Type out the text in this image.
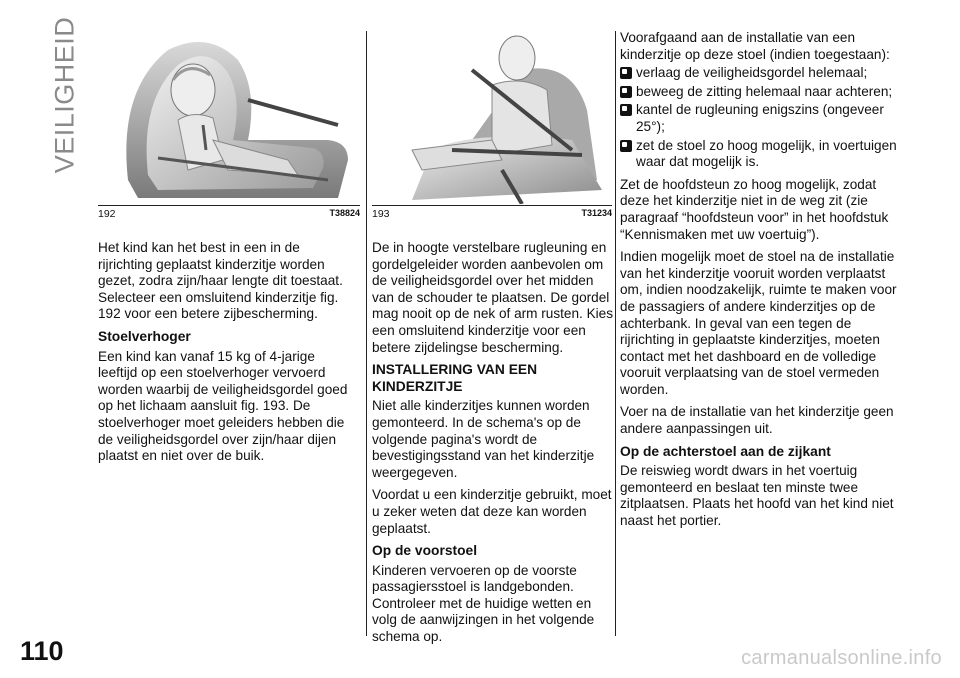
VEILIGHEID
110	carmanualsonline.info
192	T38824 193	T31234

Het kind kan het best in een in de rijrichting geplaatst kinderzitje worden gezet, zodra zijn/haar lengte dit toestaat. Selecteer een omsluitend kinderzitje fig. 192 voor een betere zijbescherming.

Stoelverhoger

Een kind kan vanaf 15 kg of 4-jarige leeftijd op een stoelverhoger vervoerd worden waarbij de veiligheidsgordel goed op het lichaam aansluit fig. 193. De stoelverhoger moet geleiders hebben die de veiligheidsgordel over zijn/haar dijen plaatst en niet over de buik.

De in hoogte verstelbare rugleuning en gordelgeleider worden aanbevolen om de veiligheidsgordel over het midden van de schouder te plaatsen. De gordel mag nooit op de nek of arm rusten. Kies een omsluitend kinderzitje voor een betere zijdelingse bescherming.

INSTALLERING VAN EEN KINDERZITJE

Niet alle kinderzitjes kunnen worden gemonteerd. In de schema's op de volgende pagina's wordt de bevestigingsstand van het kinderzitje weergegeven.

Voordat u een kinderzitje gebruikt, moet u zeker weten dat deze kan worden geplaatst.

Op de voorstoel

Kinderen vervoeren op de voorste passagiersstoel is landgebonden. Controleer met de huidige wetten en volg de aanwijzingen in het volgende schema op.

Voorafgaand aan de installatie van een kinderzitje op deze stoel (indien toegestaan):

verlaag de veiligheidsgordel helemaal;
beweeg de zitting helemaal naar achteren;
kantel de rugleuning enigszins (ongeveer 25°);
zet de stoel zo hoog mogelijk, in voertuigen waar dat mogelijk is.

Zet de hoofdsteun zo hoog mogelijk, zodat deze het kinderzitje niet in de weg zit (zie paragraaf “hoofdsteun voor” in het hoofdstuk “Kennismaken met uw voertuig”).

Indien mogelijk moet de stoel na de installatie van het kinderzitje vooruit worden verplaatst om, indien noodzakelijk, ruimte te maken voor de passagiers of andere kinderzitjes op de achterbank. In geval van een tegen de rijrichting in geplaatste kinderzitjes, moeten contact met het dashboard en de volledige vooruit verplaatsing van de stoel vermeden worden.

Voer na de installatie van het kinderzitje geen andere aanpassingen uit.

Op de achterstoel aan de zijkant

De reiswieg wordt dwars in het voertuig gemonteerd en beslaat ten minste twee zitplaatsen. Plaats het hoofd van het kind niet naast het portier.
